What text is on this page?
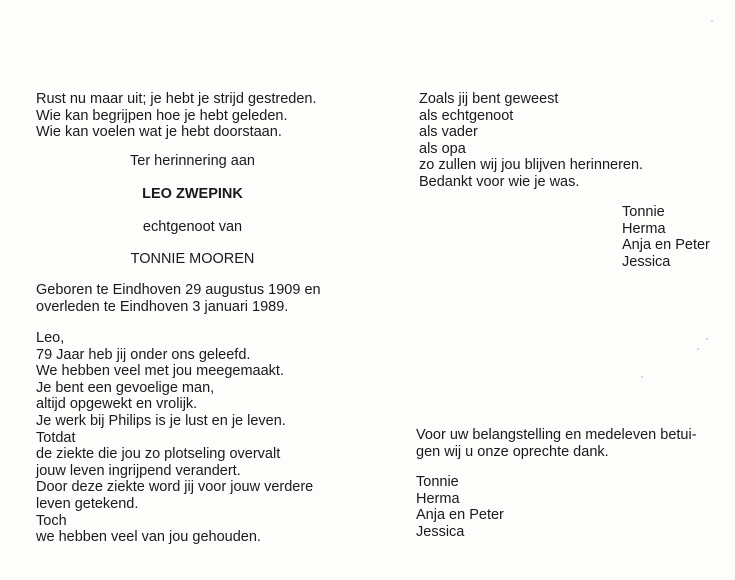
Rust nu maar uit; je hebt je strijd gestreden.
Wie kan begrijpen hoe je hebt geleden.
Wie kan voelen wat je hebt doorstaan.
Ter herinnering aan
LEO ZWEPINK
echtgenoot van
TONNIE MOOREN
Geboren te Eindhoven 29 augustus 1909 en
overleden te Eindhoven 3 januari 1989.
Leo,
79 Jaar heb jij onder ons geleefd.
We hebben veel met jou meegemaakt.
Je bent een gevoelige man,
altijd opgewekt en vrolijk.
Je werk bij Philips is je lust en je leven.
Totdat
de ziekte die jou zo plotseling overvalt
jouw leven ingrijpend verandert.
Door deze ziekte word jij voor jouw verdere
leven getekend.
Toch
we hebben veel van jou gehouden.
Zoals jij bent geweest
als echtgenoot
als vader
als opa
zo zullen wij jou blijven herinneren.
Bedankt voor wie je was.
Tonnie
Herma
Anja en Peter
Jessica
Voor uw belangstelling en medeleven betui-
gen wij u onze oprechte dank.
Tonnie
Herma
Anja en Peter
Jessica
